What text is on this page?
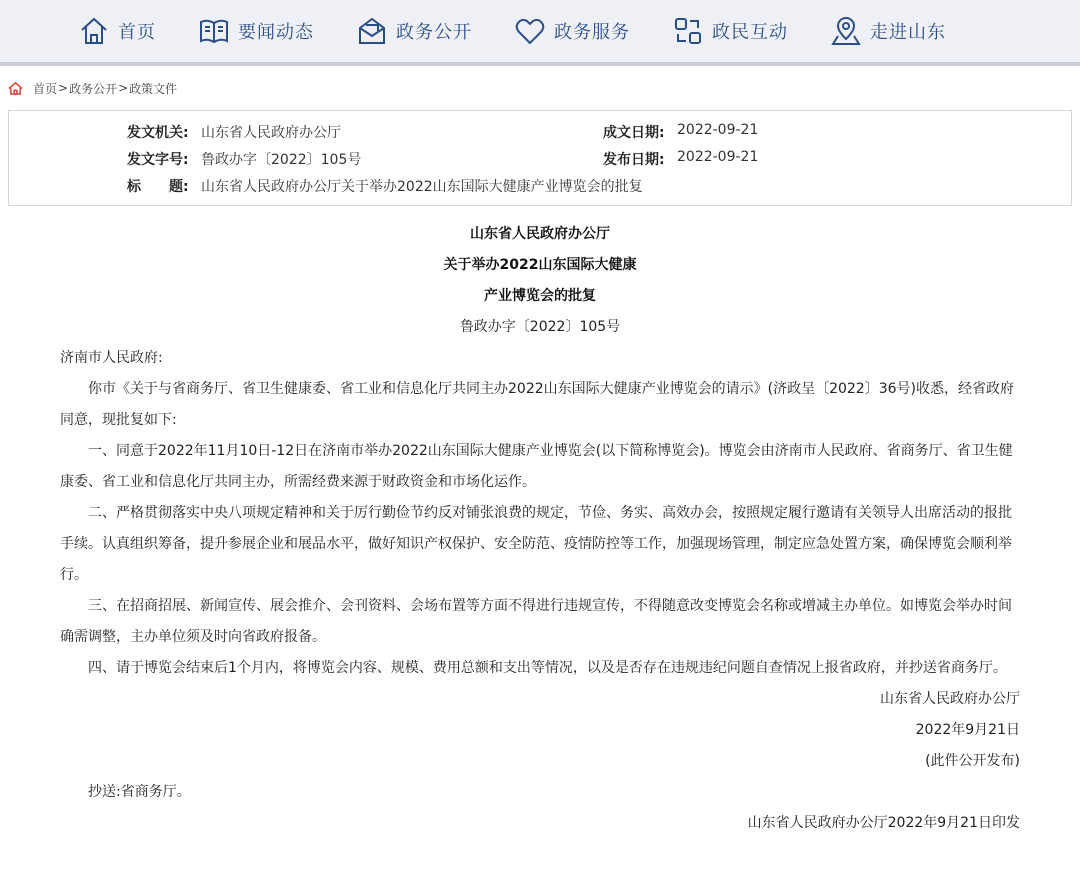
首页	要闻动态	政务公开	政务服务	政民互动	走进山东
首页 > 政务公开 > 政策文件
发文机关: 山东省人民政府办公厅	成文日期: 2022-09-21
发文字号: 鲁政办字〔2022〕105号	发布日期: 2022-09-21
标　　题: 山东省人民政府办公厅关于举办2022山东国际大健康产业博览会的批复
山东省人民政府办公厅
关于举办2022山东国际大健康
产业博览会的批复
鲁政办字〔2022〕105号

济南市人民政府:

你市《关于与省商务厅、省卫生健康委、省工业和信息化厅共同主办2022山东国际大健康产业博览会的请示》(济政呈〔2022〕36号)收悉，经省政府同意，现批复如下:

一、同意于2022年11月10日-12日在济南市举办2022山东国际大健康产业博览会(以下简称博览会)。博览会由济南市人民政府、省商务厅、省卫生健康委、省工业和信息化厅共同主办，所需经费来源于财政资金和市场化运作。

二、严格贯彻落实中央八项规定精神和关于厉行勤俭节约反对铺张浪费的规定，节俭、务实、高效办会，按照规定履行邀请有关领导人出席活动的报批手续。认真组织筹备，提升参展企业和展品水平，做好知识产权保护、安全防范、疫情防控等工作，加强现场管理，制定应急处置方案，确保博览会顺利举行。

三、在招商招展、新闻宣传、展会推介、会刊资料、会场布置等方面不得进行违规宣传，不得随意改变博览会名称或增减主办单位。如博览会举办时间确需调整，主办单位须及时向省政府报备。

四、请于博览会结束后1个月内，将博览会内容、规模、费用总额和支出等情况，以及是否存在违规违纪问题自查情况上报省政府，并抄送省商务厅。

山东省人民政府办公厅

2022年9月21日

(此件公开发布)

抄送:省商务厅。

山东省人民政府办公厅2022年9月21日印发
